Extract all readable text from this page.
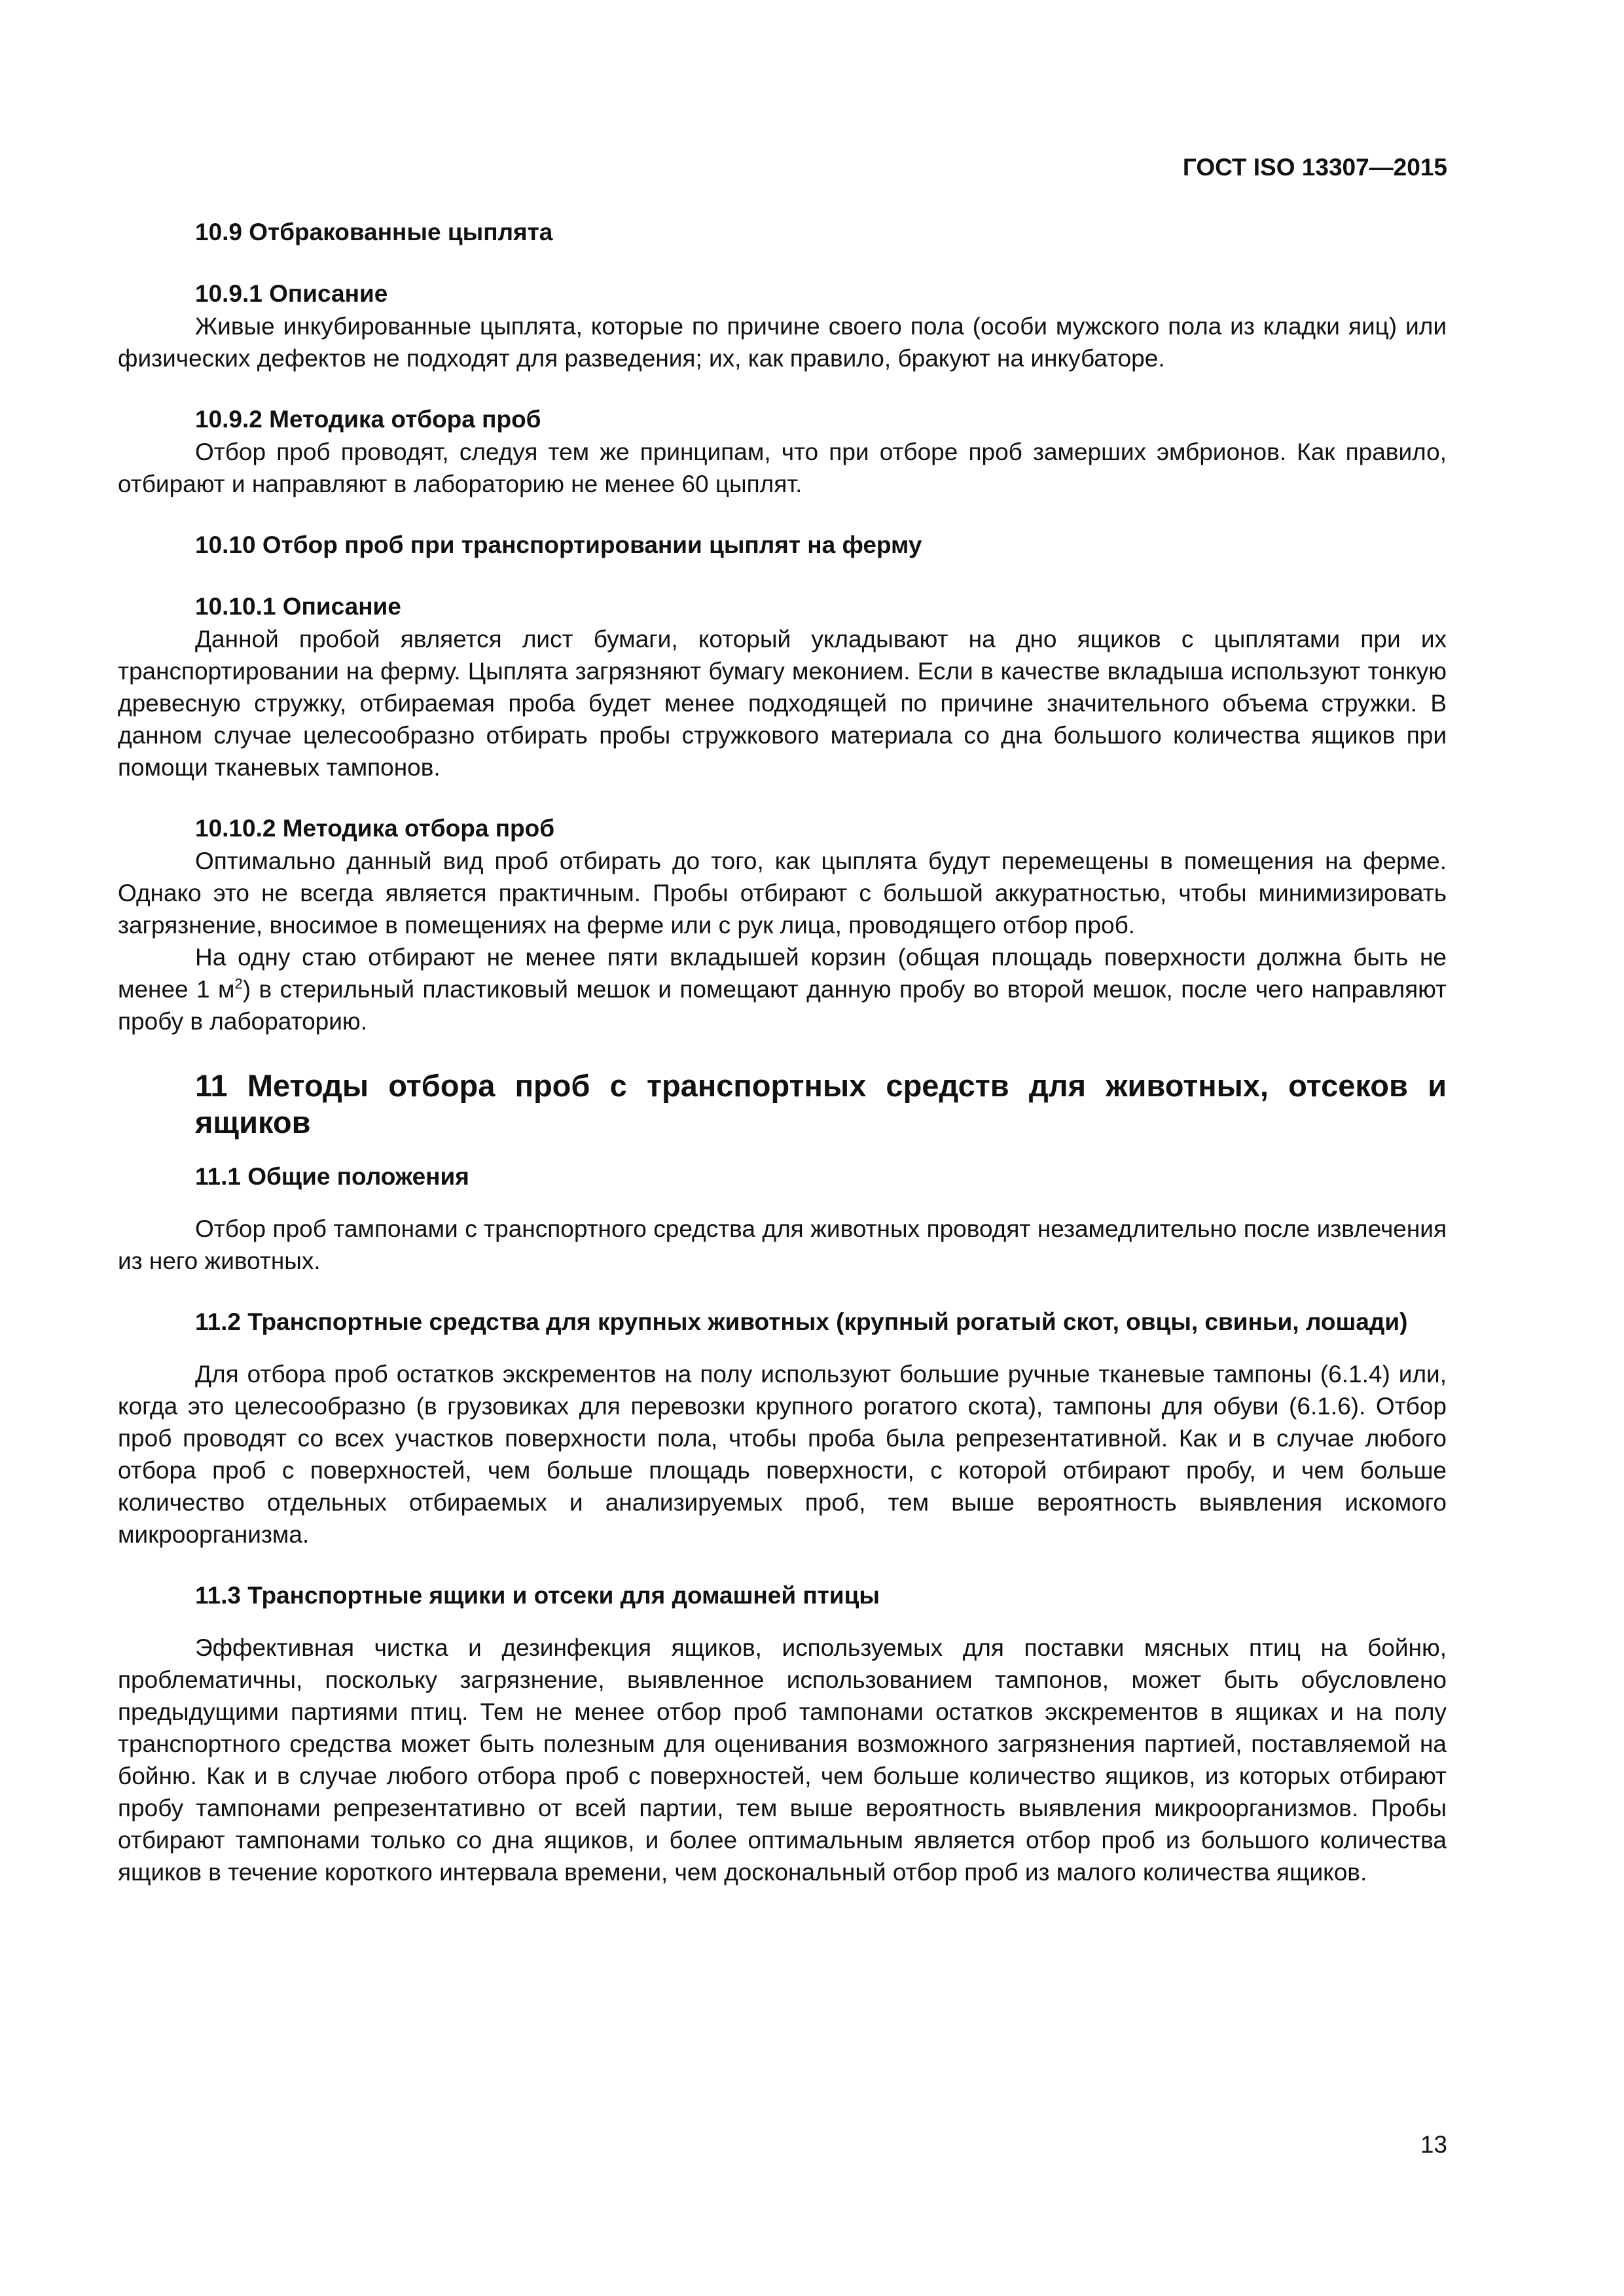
ГОСТ ISO 13307—2015
10.9 Отбракованные цыплята
10.9.1 Описание

Живые инкубированные цыплята, которые по причине своего пола (особи мужского пола из кладки яиц) или физических дефектов не подходят для разведения; их, как правило, бракуют на инкубаторе.

10.9.2 Методика отбора проб

Отбор проб проводят, следуя тем же принципам, что при отборе проб замерших эмбрионов. Как правило, отбирают и направляют в лабораторию не менее 60 цыплят.

10.10 Отбор проб при транспортировании цыплят на ферму
10.10.1 Описание

Данной пробой является лист бумаги, который укладывают на дно ящиков с цыплятами при их транспортировании на ферму. Цыплята загрязняют бумагу меконием. Если в качестве вкладыша используют тонкую древесную стружку, отбираемая проба будет менее подходящей по причине значительного объема стружки. В данном случае целесообразно отбирать пробы стружкового материала со дна большого количества ящиков при помощи тканевых тампонов.

10.10.2 Методика отбора проб

Оптимально данный вид проб отбирать до того, как цыплята будут перемещены в помещения на ферме. Однако это не всегда является практичным. Пробы отбирают с большой аккуратностью, чтобы минимизировать загрязнение, вносимое в помещениях на ферме или с рук лица, проводящего отбор проб.

На одну стаю отбирают не менее пяти вкладышей корзин (общая площадь поверхности должна быть не менее 1 $м^2$) в стерильный пластиковый мешок и помещают данную пробу во второй мешок, после чего направляют пробу в лабораторию.

11 Методы отбора проб с транспортных средств для животных, отсеков и ящиков
11.1 Общие положения

Отбор проб тампонами с транспортного средства для животных проводят незамедлительно после извлечения из него животных.

11.2 Транспортные средства для крупных животных (крупный рогатый скот, овцы, свиньи, лошади)

Для отбора проб остатков экскрементов на полу используют большие ручные тканевые тампоны (6.1.4) или, когда это целесообразно (в грузовиках для перевозки крупного рогатого скота), тампоны для обуви (6.1.6). Отбор проб проводят со всех участков поверхности пола, чтобы проба была репрезентативной. Как и в случае любого отбора проб с поверхностей, чем больше площадь поверхности, с которой отбирают пробу, и чем больше количество отдельных отбираемых и анализируемых проб, тем выше вероятность выявления искомого микроорганизма.

11.3 Транспортные ящики и отсеки для домашней птицы

Эффективная чистка и дезинфекция ящиков, используемых для поставки мясных птиц на бойню, проблематичны, поскольку загрязнение, выявленное использованием тампонов, может быть обусловлено предыдущими партиями птиц. Тем не менее отбор проб тампонами остатков экскрементов в ящиках и на полу транспортного средства может быть полезным для оценивания возможного загрязнения партией, поставляемой на бойню. Как и в случае любого отбора проб с поверхностей, чем больше количество ящиков, из которых отбирают пробу тампонами репрезентативно от всей партии, тем выше вероятность выявления микроорганизмов. Пробы отбирают тампонами только со дна ящиков, и более оптимальным является отбор проб из большого количества ящиков в течение короткого интервала времени, чем доскональный отбор проб из малого количества ящиков.

13
